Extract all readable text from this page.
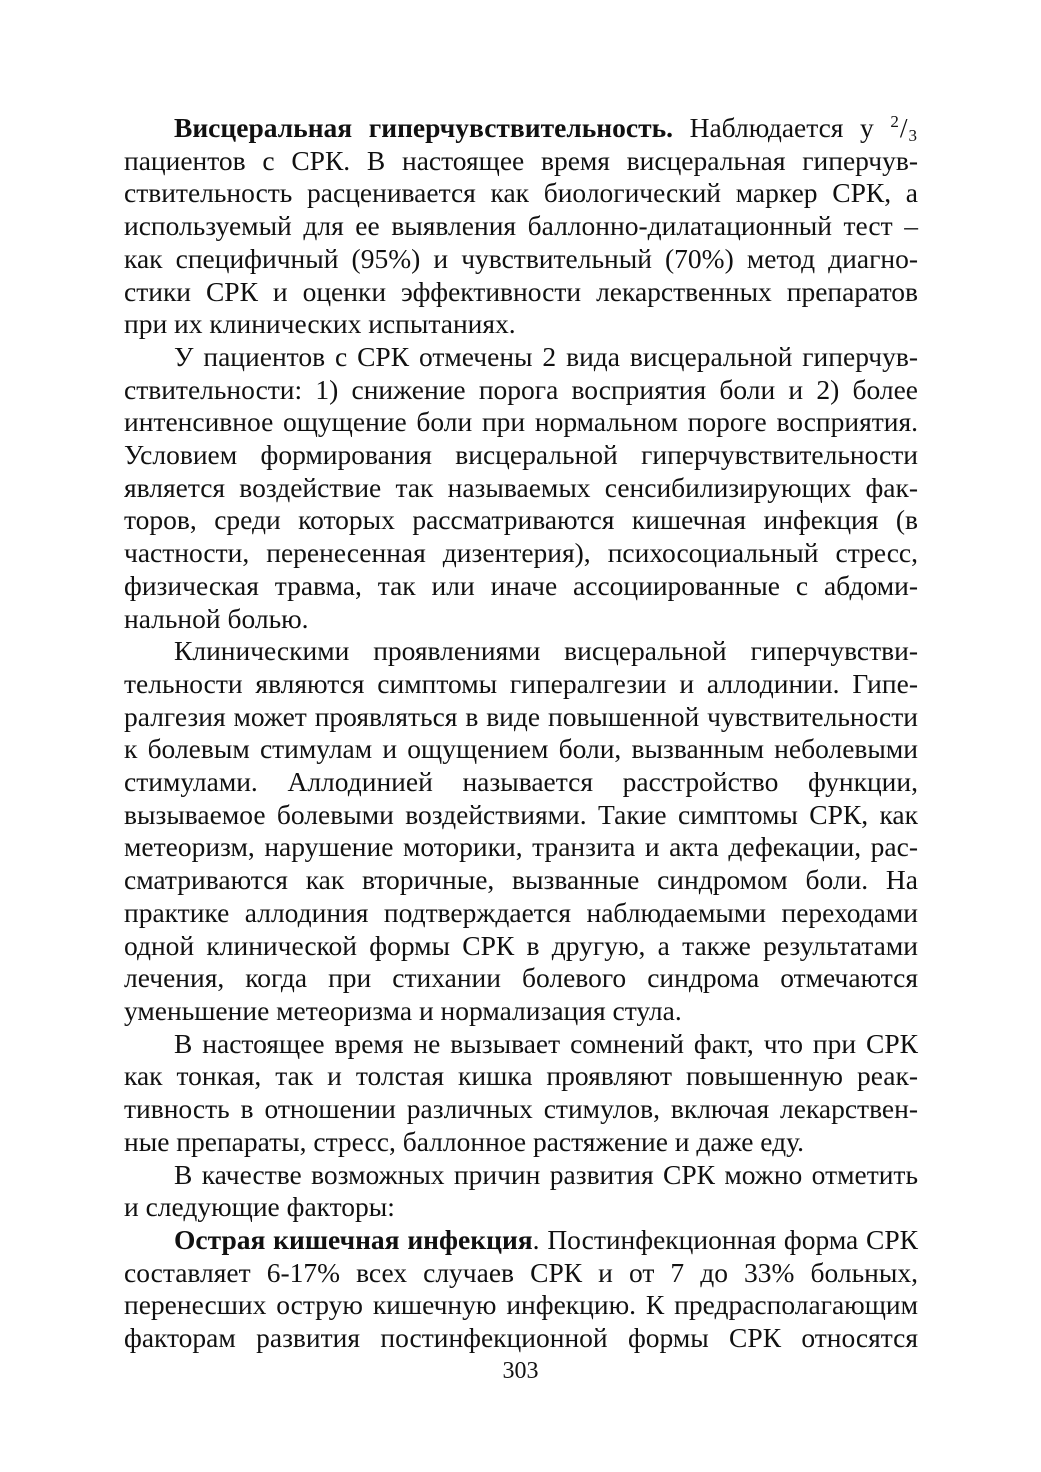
Висцеральная гиперчувствительность. Наблюдается у $^2/_3$ пациентов с СРК. В настоящее время висцеральная гиперчувствительность расценивается как биологический маркер СРК, а используемый для ее выявления баллонно-дилатационный тест – как специфичный (95%) и чувствительный (70%) метод диагностики СРК и оценки эффективности лекарственных препаратов при их клинических испытаниях.

У пациентов с СРК отмечены 2 вида висцеральной гиперчувствительности: 1) снижение порога восприятия боли и 2) более интенсивное ощущение боли при нормальном пороге восприятия. Условием формирования висцеральной гиперчувствительности является воздействие так называемых сенсибилизирующих факторов, среди которых рассматриваются кишечная инфекция (в частности, перенесенная дизентерия), психосоциальный стресс, физическая травма, так или иначе ассоциированные с абдоминальной болью.

Клиническими проявлениями висцеральной гиперчувствительности являются симптомы гипералгезии и аллодинии. Гипералгезия может проявляться в виде повышенной чувствительности к болевым стимулам и ощущением боли, вызванным неболевыми стимулами. Аллодинией называется расстройство функции, вызываемое болевыми воздействиями. Такие симптомы СРК, как метеоризм, нарушение моторики, транзита и акта дефекации, рассматриваются как вторичные, вызванные синдромом боли. На практике аллодиния подтверждается наблюдаемыми переходами одной клинической формы СРК в другую, а также результатами лечения, когда при стихании болевого синдрома отмечаются уменьшение метеоризма и нормализация стула.

В настоящее время не вызывает сомнений факт, что при СРК как тонкая, так и толстая кишка проявляют повышенную реактивность в отношении различных стимулов, включая лекарственные препараты, стресс, баллонное растяжение и даже еду.

В качестве возможных причин развития СРК можно отметить и следующие факторы:

Острая кишечная инфекция. Постинфекционная форма СРК составляет 6-17% всех случаев СРК и от 7 до 33% больных, перенесших острую кишечную инфекцию. К предрасполагающим факторам развития постинфекционной формы СРК относятся

303
